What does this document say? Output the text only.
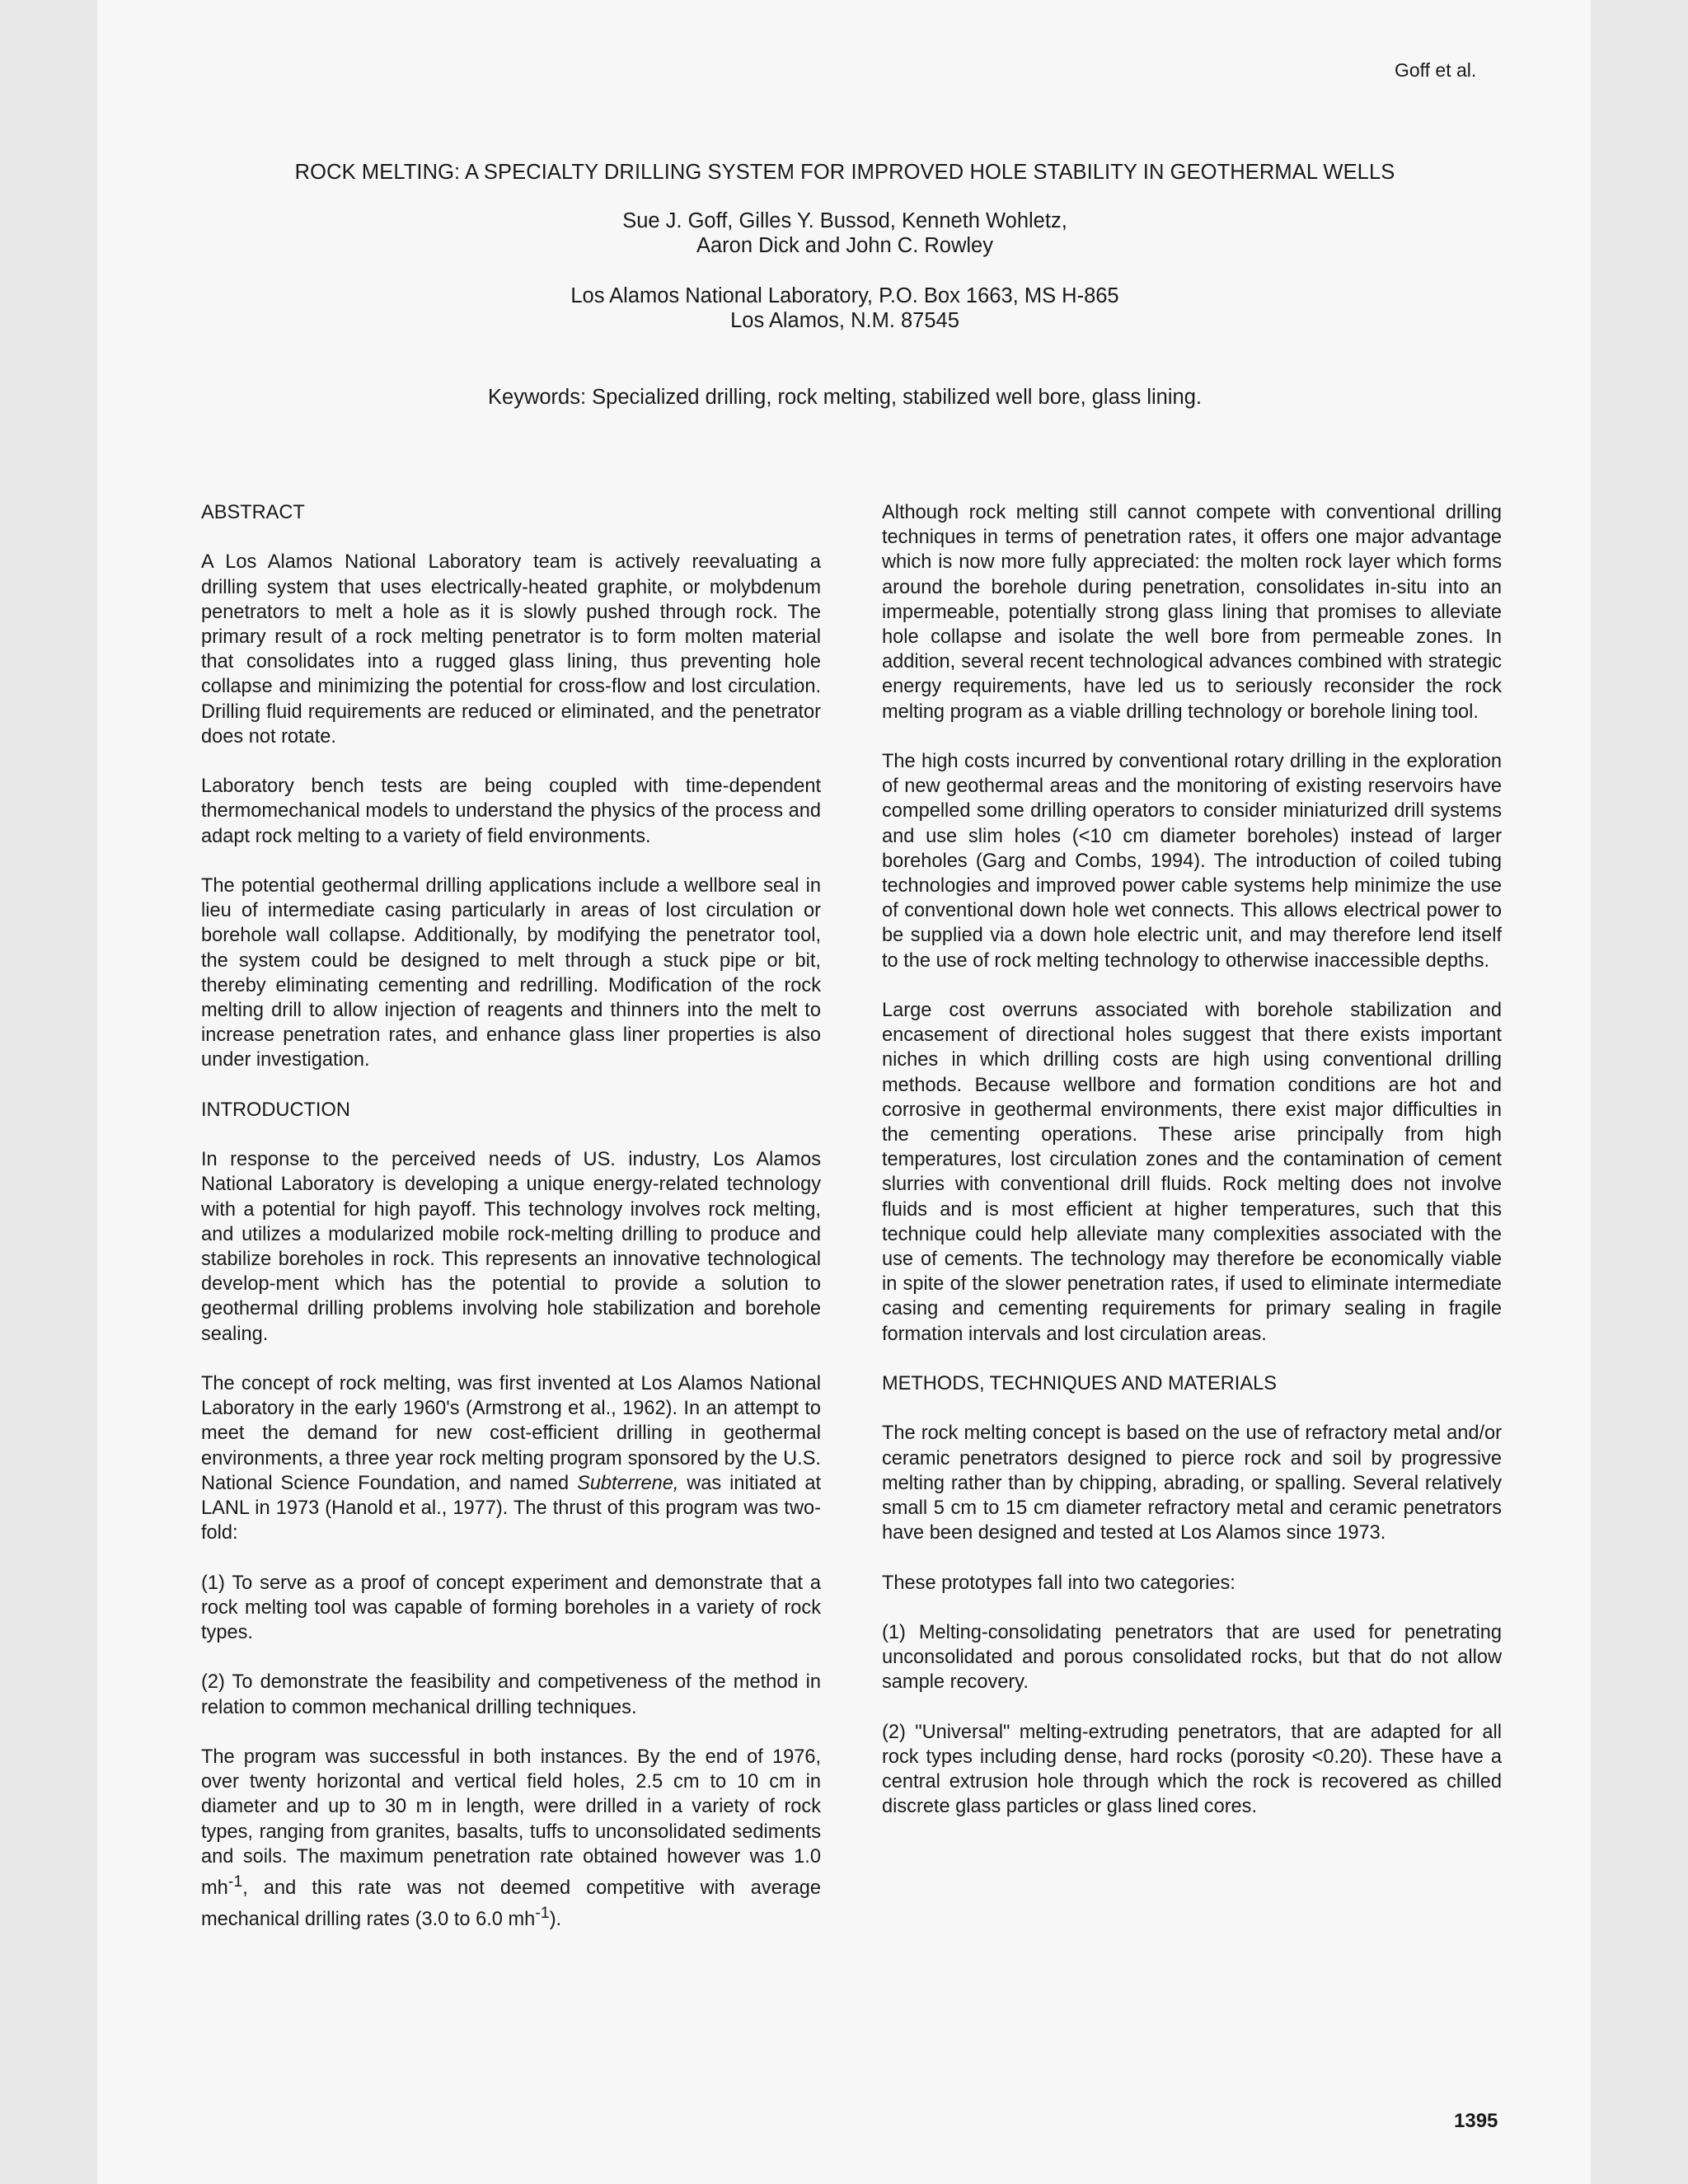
Goff et al.
ROCK MELTING: A SPECIALTY DRILLING SYSTEM FOR IMPROVED HOLE STABILITY IN GEOTHERMAL WELLS
Sue J. Goff, Gilles Y. Bussod, Kenneth Wohletz,
Aaron Dick and John C. Rowley
Los Alamos National Laboratory, P.O. Box 1663, MS H-865
Los Alamos, N.M. 87545
Keywords: Specialized drilling, rock melting, stabilized well bore, glass lining.
ABSTRACT

A Los Alamos National Laboratory team is actively reevaluating a drilling system that uses electrically-heated graphite, or molybdenum penetrators to melt a hole as it is slowly pushed through rock. The primary result of a rock melting penetrator is to form molten material that consolidates into a rugged glass lining, thus preventing hole collapse and minimizing the potential for cross-flow and lost circulation. Drilling fluid requirements are reduced or eliminated, and the penetrator does not rotate.

Laboratory bench tests are being coupled with time-dependent thermomechanical models to understand the physics of the process and adapt rock melting to a variety of field environments.

The potential geothermal drilling applications include a wellbore seal in lieu of intermediate casing particularly in areas of lost circulation or borehole wall collapse. Additionally, by modifying the penetrator tool, the system could be designed to melt through a stuck pipe or bit, thereby eliminating cementing and redrilling. Modification of the rock melting drill to allow injection of reagents and thinners into the melt to increase penetration rates, and enhance glass liner properties is also under investigation.

INTRODUCTION

In response to the perceived needs of US. industry, Los Alamos National Laboratory is developing a unique energy-related technology with a potential for high payoff. This technology involves rock melting, and utilizes a modularized mobile rock-melting drilling to produce and stabilize boreholes in rock. This represents an innovative technological develop-ment which has the potential to provide a solution to geothermal drilling problems involving hole stabilization and borehole sealing.

The concept of rock melting, was first invented at Los Alamos National Laboratory in the early 1960's (Armstrong et al., 1962). In an attempt to meet the demand for new cost-efficient drilling in geothermal environments, a three year rock melting program sponsored by the U.S. National Science Foundation, and named Subterrene, was initiated at LANL in 1973 (Hanold et al., 1977). The thrust of this program was two-fold:

(1) To serve as a proof of concept experiment and demonstrate that a rock melting tool was capable of forming boreholes in a variety of rock types.

(2) To demonstrate the feasibility and competiveness of the method in relation to common mechanical drilling techniques.

The program was successful in both instances. By the end of 1976, over twenty horizontal and vertical field holes, 2.5 cm to 10 cm in diameter and up to 30 m in length, were drilled in a variety of rock types, ranging from granites, basalts, tuffs to unconsolidated sediments and soils. The maximum penetration rate obtained however was 1.0 $mh^{-1}$, and this rate was not deemed competitive with average mechanical drilling rates (3.0 to 6.0 $mh^{-1}$).

Although rock melting still cannot compete with conventional drilling techniques in terms of penetration rates, it offers one major advantage which is now more fully appreciated: the molten rock layer which forms around the borehole during penetration, consolidates in-situ into an impermeable, potentially strong glass lining that promises to alleviate hole collapse and isolate the well bore from permeable zones. In addition, several recent technological advances combined with strategic energy requirements, have led us to seriously reconsider the rock melting program as a viable drilling technology or borehole lining tool.

The high costs incurred by conventional rotary drilling in the exploration of new geothermal areas and the monitoring of existing reservoirs have compelled some drilling operators to consider miniaturized drill systems and use slim holes (<10 cm diameter boreholes) instead of larger boreholes (Garg and Combs, 1994). The introduction of coiled tubing technologies and improved power cable systems help minimize the use of conventional down hole wet connects. This allows electrical power to be supplied via a down hole electric unit, and may therefore lend itself to the use of rock melting technology to otherwise inaccessible depths.

Large cost overruns associated with borehole stabilization and encasement of directional holes suggest that there exists important niches in which drilling costs are high using conventional drilling methods. Because wellbore and formation conditions are hot and corrosive in geothermal environments, there exist major difficulties in the cementing operations. These arise principally from high temperatures, lost circulation zones and the contamination of cement slurries with conventional drill fluids. Rock melting does not involve fluids and is most efficient at higher temperatures, such that this technique could help alleviate many complexities associated with the use of cements. The technology may therefore be economically viable in spite of the slower penetration rates, if used to eliminate intermediate casing and cementing requirements for primary sealing in fragile formation intervals and lost circulation areas.

METHODS, TECHNIQUES AND MATERIALS

The rock melting concept is based on the use of refractory metal and/or ceramic penetrators designed to pierce rock and soil by progressive melting rather than by chipping, abrading, or spalling. Several relatively small 5 cm to 15 cm diameter refractory metal and ceramic penetrators have been designed and tested at Los Alamos since 1973.

These prototypes fall into two categories:

(1) Melting-consolidating penetrators that are used for penetrating unconsolidated and porous consolidated rocks, but that do not allow sample recovery.

(2) "Universal" melting-extruding penetrators, that are adapted for all rock types including dense, hard rocks (porosity <0.20). These have a central extrusion hole through which the rock is recovered as chilled discrete glass particles or glass lined cores.

1395
